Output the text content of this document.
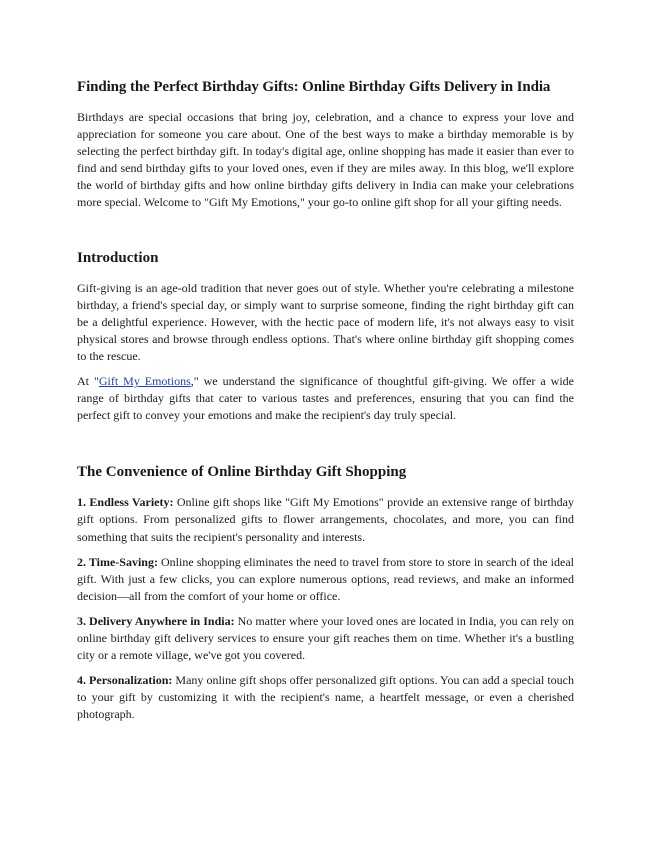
Finding the Perfect Birthday Gifts: Online Birthday Gifts Delivery in India

Birthdays are special occasions that bring joy, celebration, and a chance to express your love and appreciation for someone you care about. One of the best ways to make a birthday memorable is by selecting the perfect birthday gift. In today's digital age, online shopping has made it easier than ever to find and send birthday gifts to your loved ones, even if they are miles away. In this blog, we'll explore the world of birthday gifts and how online birthday gifts delivery in India can make your celebrations more special. Welcome to "Gift My Emotions," your go-to online gift shop for all your gifting needs.

Introduction

Gift-giving is an age-old tradition that never goes out of style. Whether you're celebrating a milestone birthday, a friend's special day, or simply want to surprise someone, finding the right birthday gift can be a delightful experience. However, with the hectic pace of modern life, it's not always easy to visit physical stores and browse through endless options. That's where online birthday gift shopping comes to the rescue.

At "Gift My Emotions," we understand the significance of thoughtful gift-giving. We offer a wide range of birthday gifts that cater to various tastes and preferences, ensuring that you can find the perfect gift to convey your emotions and make the recipient's day truly special.

The Convenience of Online Birthday Gift Shopping

1. Endless Variety: Online gift shops like "Gift My Emotions" provide an extensive range of birthday gift options. From personalized gifts to flower arrangements, chocolates, and more, you can find something that suits the recipient's personality and interests.

2. Time-Saving: Online shopping eliminates the need to travel from store to store in search of the ideal gift. With just a few clicks, you can explore numerous options, read reviews, and make an informed decision—all from the comfort of your home or office.

3. Delivery Anywhere in India: No matter where your loved ones are located in India, you can rely on online birthday gift delivery services to ensure your gift reaches them on time. Whether it's a bustling city or a remote village, we've got you covered.

4. Personalization: Many online gift shops offer personalized gift options. You can add a special touch to your gift by customizing it with the recipient's name, a heartfelt message, or even a cherished photograph.
